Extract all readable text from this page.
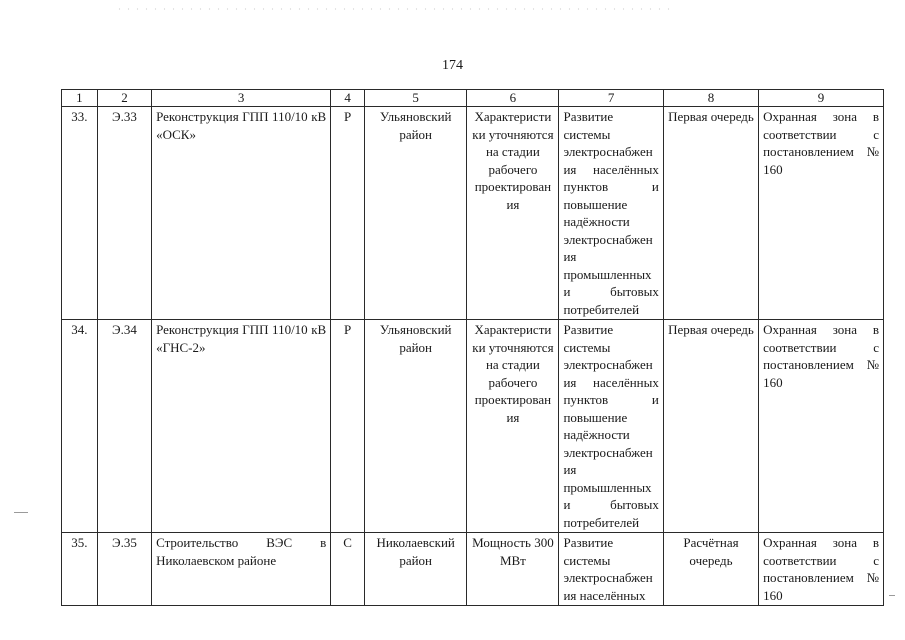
174
1	2	3	4	5	6	7	8	9
33.	Э.33	Реконструкция ГПП 110/10 кВ «ОСК»	Р	Ульяновский район	Характеристики уточняются на стадии рабочего проектирования	Развитие системы электроснабжения населённых пунктов и повышение надёжности электроснабжения промышленных и бытовых потребителей	Первая очередь	Охранная зона в соответствии с постановлением № 160

34.	Э.34	Реконструкция ГПП 110/10 кВ «ГНС-2»	Р	Ульяновский район	Характеристики уточняются на стадии рабочего проектирования	Развитие системы электроснабжения населённых пунктов и повышение надёжности электроснабжения промышленных и бытовых потребителей	Первая очередь	Охранная зона в соответствии с постановлением № 160

35.	Э.35	Строительство ВЭС в Николаевском районе	С	Николаевский район	Мощность 300 МВт	Развитие системы электроснабжения населённых	Расчётная очередь	Охранная зона в соответствии с постановлением № 160
